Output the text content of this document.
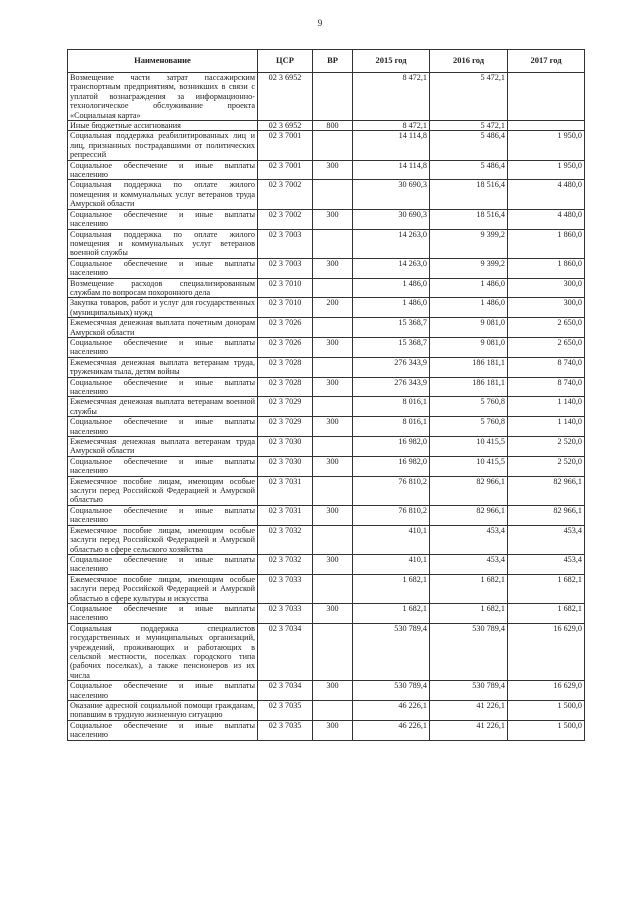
9
Наименование	ЦСР	ВР	2015 год	2016 год	2017 год
Возмещение части затрат пассажирским транспортным предприятиям, возникших в связи с уплатой вознаграждения за информационно-технологическое обслуживание проекта «Социальная карта»	02 3 6952		8 472,1	5 472,1	
Иные бюджетные ассигнования	02 3 6952	800	8 472,1	5 472,1	
Социальная поддержка реабилитированных лиц и лиц, признанных пострадавшими от политических репрессий	02 3 7001		14 114,8	5 486,4	1 950,0
Социальное обеспечение и иные выплаты населению	02 3 7001	300	14 114,8	5 486,4	1 950,0
Социальная поддержка по оплате жилого помещения и коммунальных услуг ветеранов труда Амурской области	02 3 7002		30 690,3	18 516,4	4 480,0
Социальное обеспечение и иные выплаты населению	02 3 7002	300	30 690,3	18 516,4	4 480,0
Социальная поддержка по оплате жилого помещения и коммунальных услуг ветеранов военной службы	02 3 7003		14 263,0	9 399,2	1 860,0
Социальное обеспечение и иные выплаты населению	02 3 7003	300	14 263,0	9 399,2	1 860,0
Возмещение расходов специализированным службам по вопросам похоронного дела	02 3 7010		1 486,0	1 486,0	300,0
Закупка товаров, работ и услуг для государственных (муниципальных) нужд	02 3 7010	200	1 486,0	1 486,0	300,0
Ежемесячная денежная выплата почетным донорам Амурской области	02 3 7026		15 368,7	9 081,0	2 650,0
Социальное обеспечение и иные выплаты населению	02 3 7026	300	15 368,7	9 081,0	2 650,0
Ежемесячная денежная выплата ветеранам труда, труженикам тыла, детям войны	02 3 7028		276 343,9	186 181,1	8 740,0
Социальное обеспечение и иные выплаты населению	02 3 7028	300	276 343,9	186 181,1	8 740,0
Ежемесячная денежная выплата ветеранам военной службы	02 3 7029		8 016,1	5 760,8	1 140,0
Социальное обеспечение и иные выплаты населению	02 3 7029	300	8 016,1	5 760,8	1 140,0
Ежемесячная денежная выплата ветеранам труда Амурской области	02 3 7030		16 982,0	10 415,5	2 520,0
Социальное обеспечение и иные выплаты населению	02 3 7030	300	16 982,0	10 415,5	2 520,0
Ежемесячное пособие лицам, имеющим особые заслуги перед Российской Федерацией и Амурской областью	02 3 7031		76 810,2	82 966,1	82 966,1
Социальное обеспечение и иные выплаты населению	02 3 7031	300	76 810,2	82 966,1	82 966,1
Ежемесячное пособие лицам, имеющим особые заслуги перед Российской Федерацией и Амурской областью в сфере сельского хозяйства	02 3 7032		410,1	453,4	453,4
Социальное обеспечение и иные выплаты населению	02 3 7032	300	410,1	453,4	453,4
Ежемесячное пособие лицам, имеющим особые заслуги перед Российской Федерацией и Амурской областью в сфере культуры и искусства	02 3 7033		1 682,1	1 682,1	1 682,1
Социальное обеспечение и иные выплаты населению	02 3 7033	300	1 682,1	1 682,1	1 682,1
Социальная поддержка специалистов государственных и муниципальных организаций, учреждений, проживающих и работающих в сельской местности, поселках городского типа (рабочих поселках), а также пенсионеров из их числа	02 3 7034		530 789,4	530 789,4	16 629,0
Социальное обеспечение и иные выплаты населению	02 3 7034	300	530 789,4	530 789,4	16 629,0
Оказание адресной социальной помощи гражданам, попавшим в трудную жизненную ситуацию	02 3 7035		46 226,1	41 226,1	1 500,0
Социальное обеспечение и иные выплаты населению	02 3 7035	300	46 226,1	41 226,1	1 500,0
